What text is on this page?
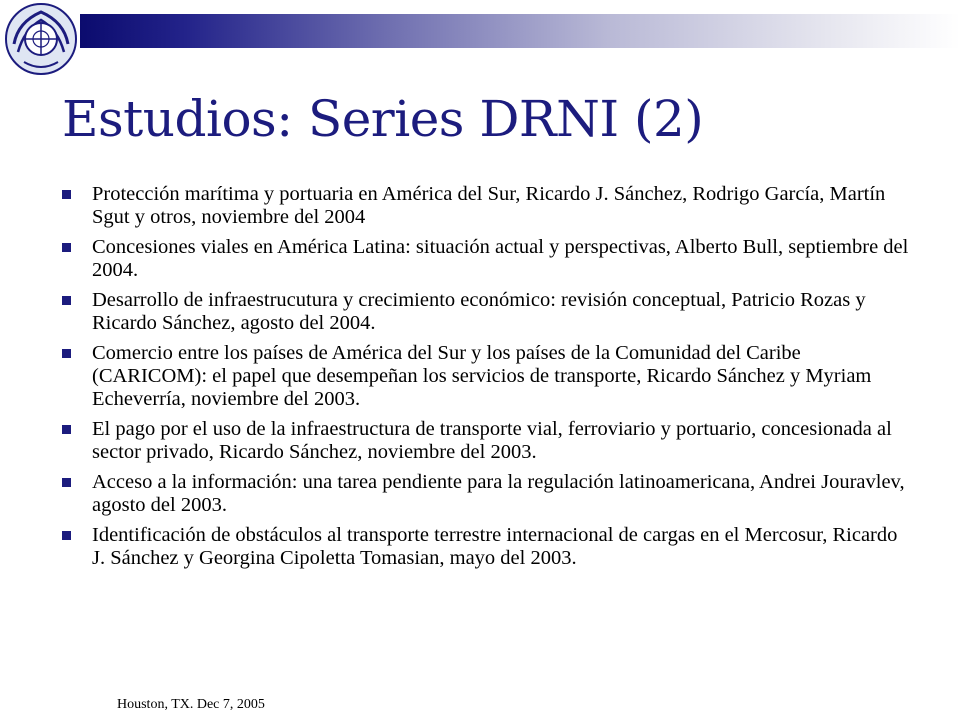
Estudios: Series DRNI (2)
Protección marítima y portuaria en América del Sur, Ricardo J. Sánchez, Rodrigo García, Martín Sgut y otros, noviembre del 2004
Concesiones viales en América Latina: situación actual y perspectivas, Alberto Bull, septiembre del 2004.
Desarrollo de infraestrucutura y crecimiento económico: revisión conceptual, Patricio Rozas y Ricardo Sánchez, agosto del 2004.
Comercio entre los países de América del Sur y los países de la Comunidad del Caribe (CARICOM): el papel que desempeñan los servicios de transporte, Ricardo Sánchez y Myriam Echeverría, noviembre del 2003.
El pago por el uso de la infraestructura de transporte vial, ferroviario y portuario, concesionada al sector privado, Ricardo Sánchez, noviembre del 2003.
Acceso a la información: una tarea pendiente para la regulación latinoamericana, Andrei Jouravlev, agosto del 2003.
Identificación de obstáculos al transporte terrestre internacional de cargas en el Mercosur, Ricardo J. Sánchez y Georgina Cipoletta Tomasian, mayo del 2003.
Houston, TX. Dec 7, 2005
